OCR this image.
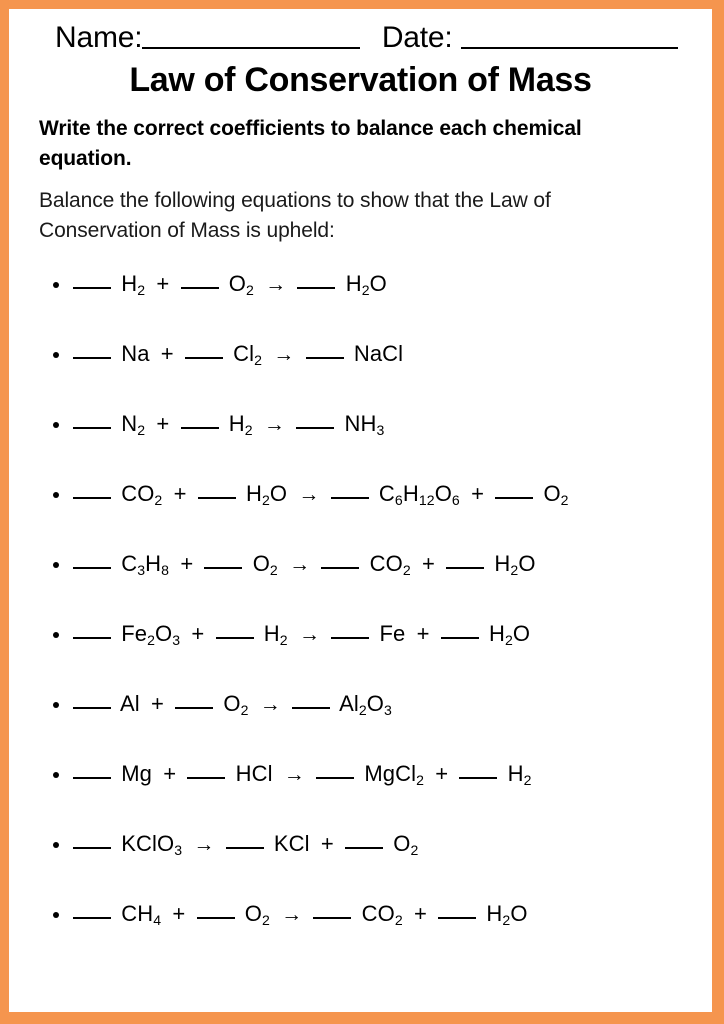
Name:	Date:
Law of Conservation of Mass

Write the correct coefficients to balance each chemical equation.

Balance the following equations to show that the Law of Conservation of Mass is upheld:

$H_2$ +	$O_2$ →	$H_2O$
Na +	$Cl_2$ →	NaCl
$N_2$ +	$H_2$ →	$NH_3$
$CO_2$ +	$H_2O$ →	$C_6H_{12}O_6$ +	$O_2$
$C_3H_8$ +	$O_2$ →	$CO_2$ +	$H_2O$
$Fe_2O_3$ +	$H_2$ →	Fe +	$H_2O$
Al +	$O_2$ →	$Al_2O_3$
Mg +	HCl →	MgCl$_2$ +	$H_2$
KClO$_3$ →	KCl +	$O_2$
$CH_4$ +	$O_2$ →	$CO_2$ +	$H_2O$
